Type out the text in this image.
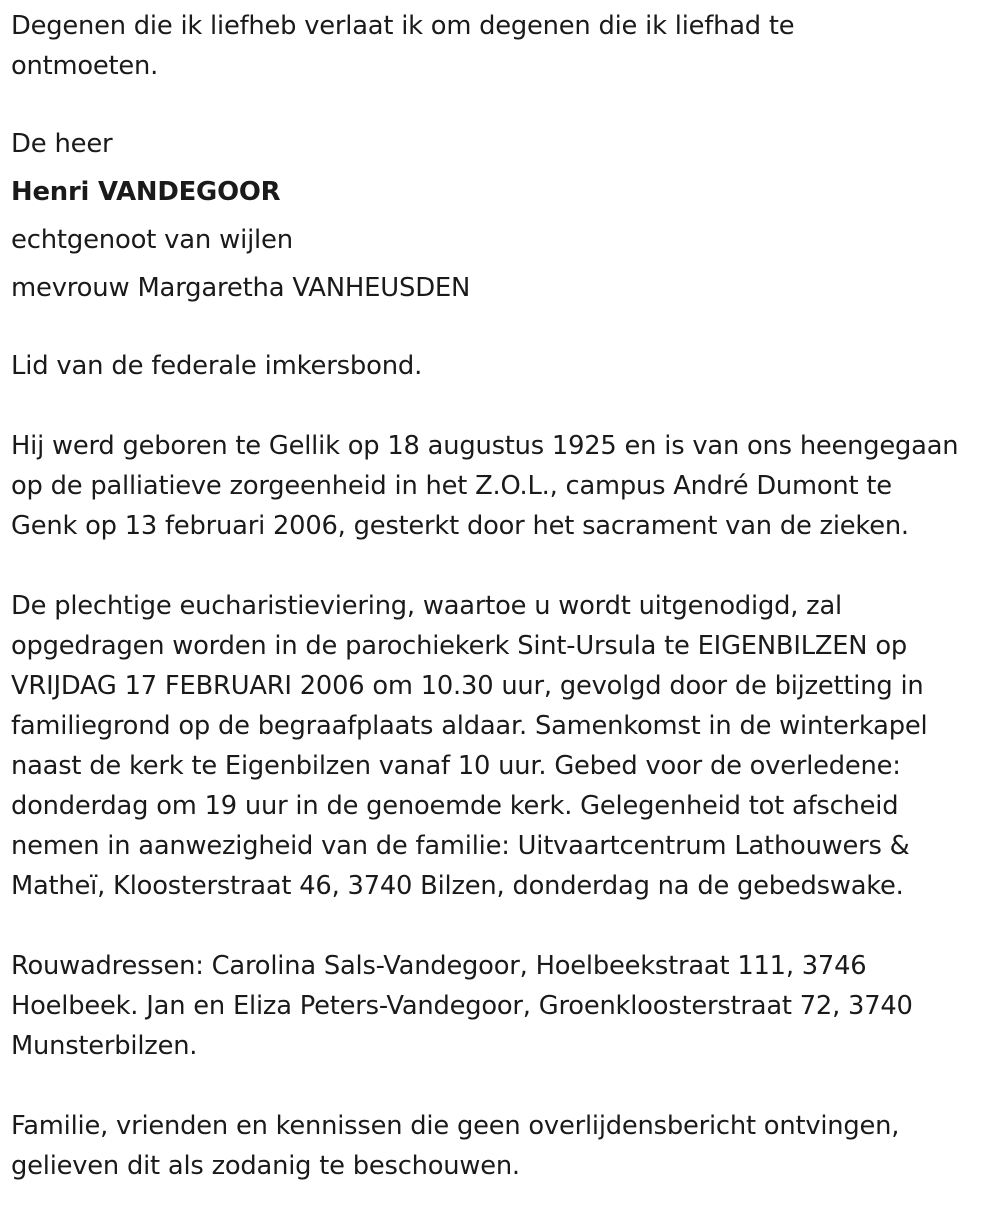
Degenen die ik liefheb verlaat ik om degenen die ik liefhad te
ontmoeten.

De heer

Henri VANDEGOOR

echtgenoot van wijlen

mevrouw Margaretha VANHEUSDEN

Lid van de federale imkersbond.

Hij werd geboren te Gellik op 18 augustus 1925 en is van ons heengegaan
op de palliatieve zorgeenheid in het Z.O.L., campus André Dumont te
Genk op 13 februari 2006, gesterkt door het sacrament van de zieken.

De plechtige eucharistieviering, waartoe u wordt uitgenodigd, zal
opgedragen worden in de parochiekerk Sint-Ursula te EIGENBILZEN op
VRIJDAG 17 FEBRUARI 2006 om 10.30 uur, gevolgd door de bijzetting in
familiegrond op de begraafplaats aldaar. Samenkomst in de winterkapel
naast de kerk te Eigenbilzen vanaf 10 uur. Gebed voor de overledene:
donderdag om 19 uur in de genoemde kerk. Gelegenheid tot afscheid
nemen in aanwezigheid van de familie: Uitvaartcentrum Lathouwers &
Matheï, Kloosterstraat 46, 3740 Bilzen, donderdag na de gebedswake.

Rouwadressen: Carolina Sals-Vandegoor, Hoelbeekstraat 111, 3746
Hoelbeek. Jan en Eliza Peters-Vandegoor, Groenkloosterstraat 72, 3740
Munsterbilzen.

Familie, vrienden en kennissen die geen overlijdensbericht ontvingen,
gelieven dit als zodanig te beschouwen.
